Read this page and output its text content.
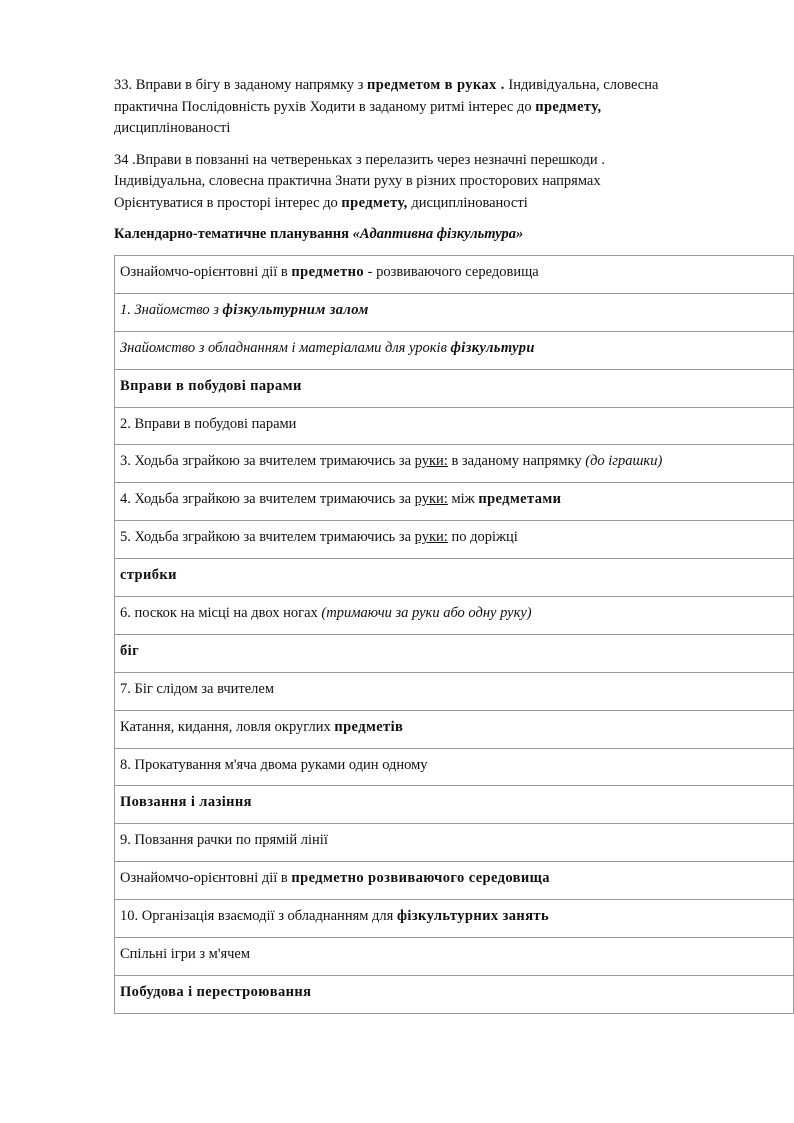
33. Вправи в бігу в заданому напрямку з предметом в руках . Індивідуальна, словесна
практична Послідовність рухів Ходити в заданому ритмі інтерес до предмету,
дисциплінованості

34 .Вправи в повзанні на четвереньках з перелазить через незначні перешкоди .
Індивідуальна, словесна практична Знати руху в різних просторових напрямах
Орієнтуватися в просторі інтерес до предмету, дисциплінованості

Календарно-тематичне планування «Адаптивна фізкультура»
Ознайомчо-орієнтовні дії в предметно - розвиваючого середовища
1. Знайомство з фізкультурним залом
Знайомство з обладнанням і матеріалами для уроків фізкультури
Вправи в побудові парами
2. Вправи в побудові парами
3. Ходьба зграйкою за вчителем тримаючись за руки: в заданому напрямку (до іграшки)
4. Ходьба зграйкою за вчителем тримаючись за руки: між предметами
5. Ходьба зграйкою за вчителем тримаючись за руки: по доріжці
стрибки
6. поскок на місці на двох ногах (тримаючи за руки або одну руку)
біг
7. Біг слідом за вчителем
Катання, кидання, ловля округлих предметів
8. Прокатування м'яча двома руками один одному
Повзання і лазіння
9. Повзання рачки по прямій лінії
Ознайомчо-орієнтовні дії в предметно розвиваючого середовища
10. Організація взаємодії з обладнанням для фізкультурних занять
Спільні ігри з м'ячем
Побудова і перестроювання
